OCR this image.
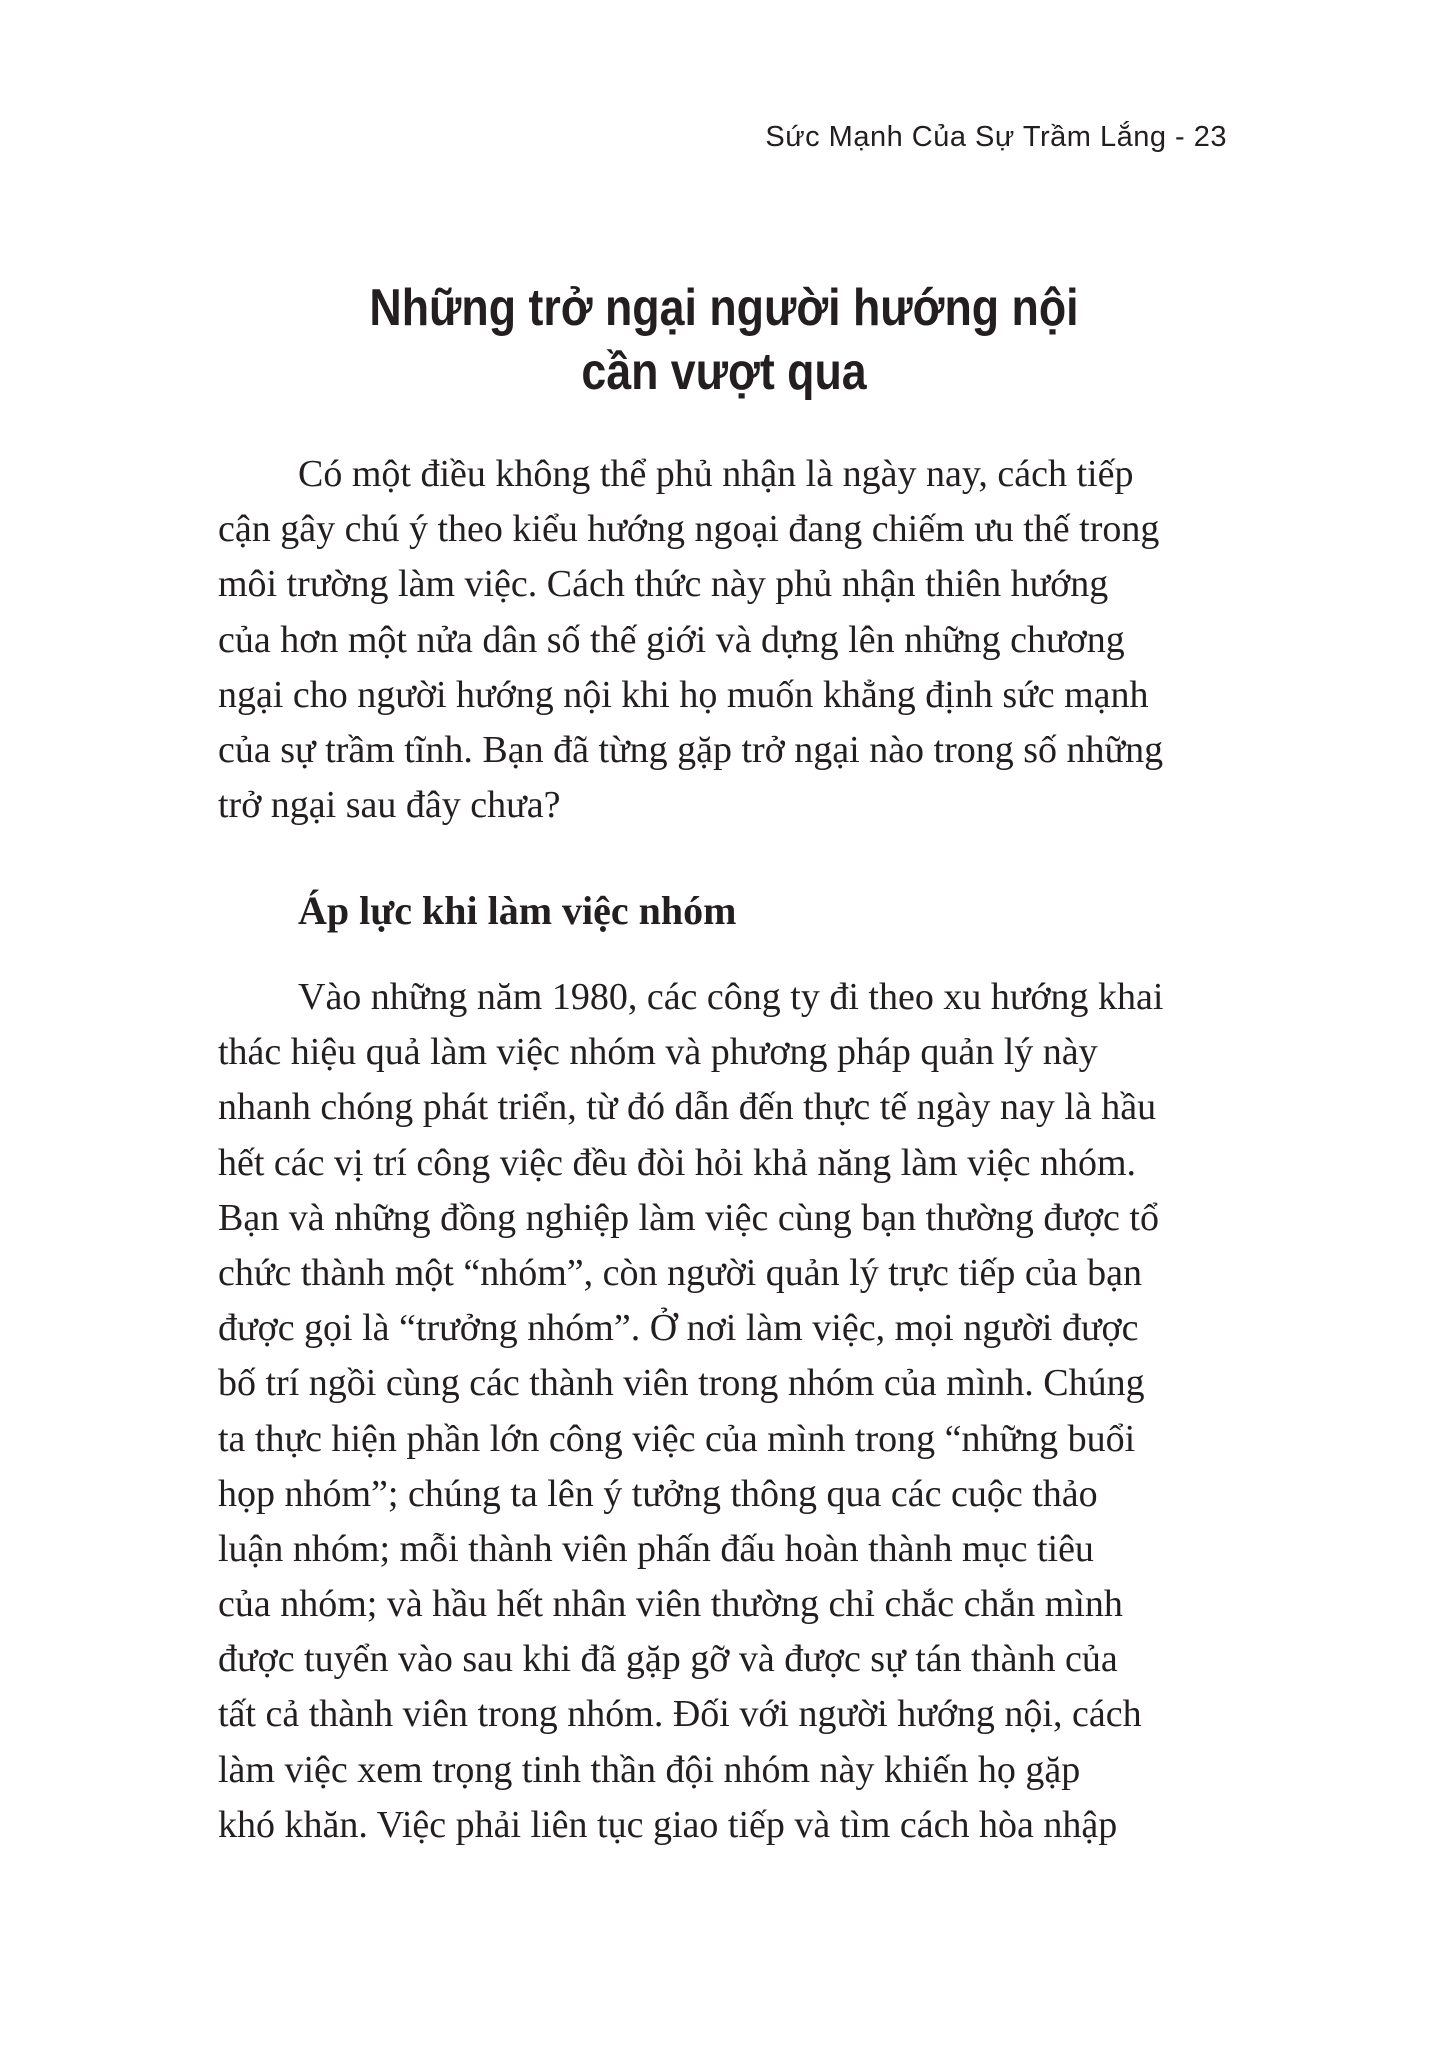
Sức Mạnh Của Sự Trầm Lắng - 23
Những trở ngại người hướng nội
cần vượt qua
Có một điều không thể phủ nhận là ngày nay, cách tiếp
cận gây chú ý theo kiểu hướng ngoại đang chiếm ưu thế trong
môi trường làm việc. Cách thức này phủ nhận thiên hướng
của hơn một nửa dân số thế giới và dựng lên những chương
ngại cho người hướng nội khi họ muốn khẳng định sức mạnh
của sự trầm tĩnh. Bạn đã từng gặp trở ngại nào trong số những
trở ngại sau đây chưa?
Áp lực khi làm việc nhóm
Vào những năm 1980, các công ty đi theo xu hướng khai
thác hiệu quả làm việc nhóm và phương pháp quản lý này
nhanh chóng phát triển, từ đó dẫn đến thực tế ngày nay là hầu
hết các vị trí công việc đều đòi hỏi khả năng làm việc nhóm.
Bạn và những đồng nghiệp làm việc cùng bạn thường được tổ
chức thành một “nhóm”, còn người quản lý trực tiếp của bạn
được gọi là “trưởng nhóm”. Ở nơi làm việc, mọi người được
bố trí ngồi cùng các thành viên trong nhóm của mình. Chúng
ta thực hiện phần lớn công việc của mình trong “những buổi
họp nhóm”; chúng ta lên ý tưởng thông qua các cuộc thảo
luận nhóm; mỗi thành viên phấn đấu hoàn thành mục tiêu
của nhóm; và hầu hết nhân viên thường chỉ chắc chắn mình
được tuyển vào sau khi đã gặp gỡ và được sự tán thành của
tất cả thành viên trong nhóm. Đối với người hướng nội, cách
làm việc xem trọng tinh thần đội nhóm này khiến họ gặp
khó khăn. Việc phải liên tục giao tiếp và tìm cách hòa nhập
